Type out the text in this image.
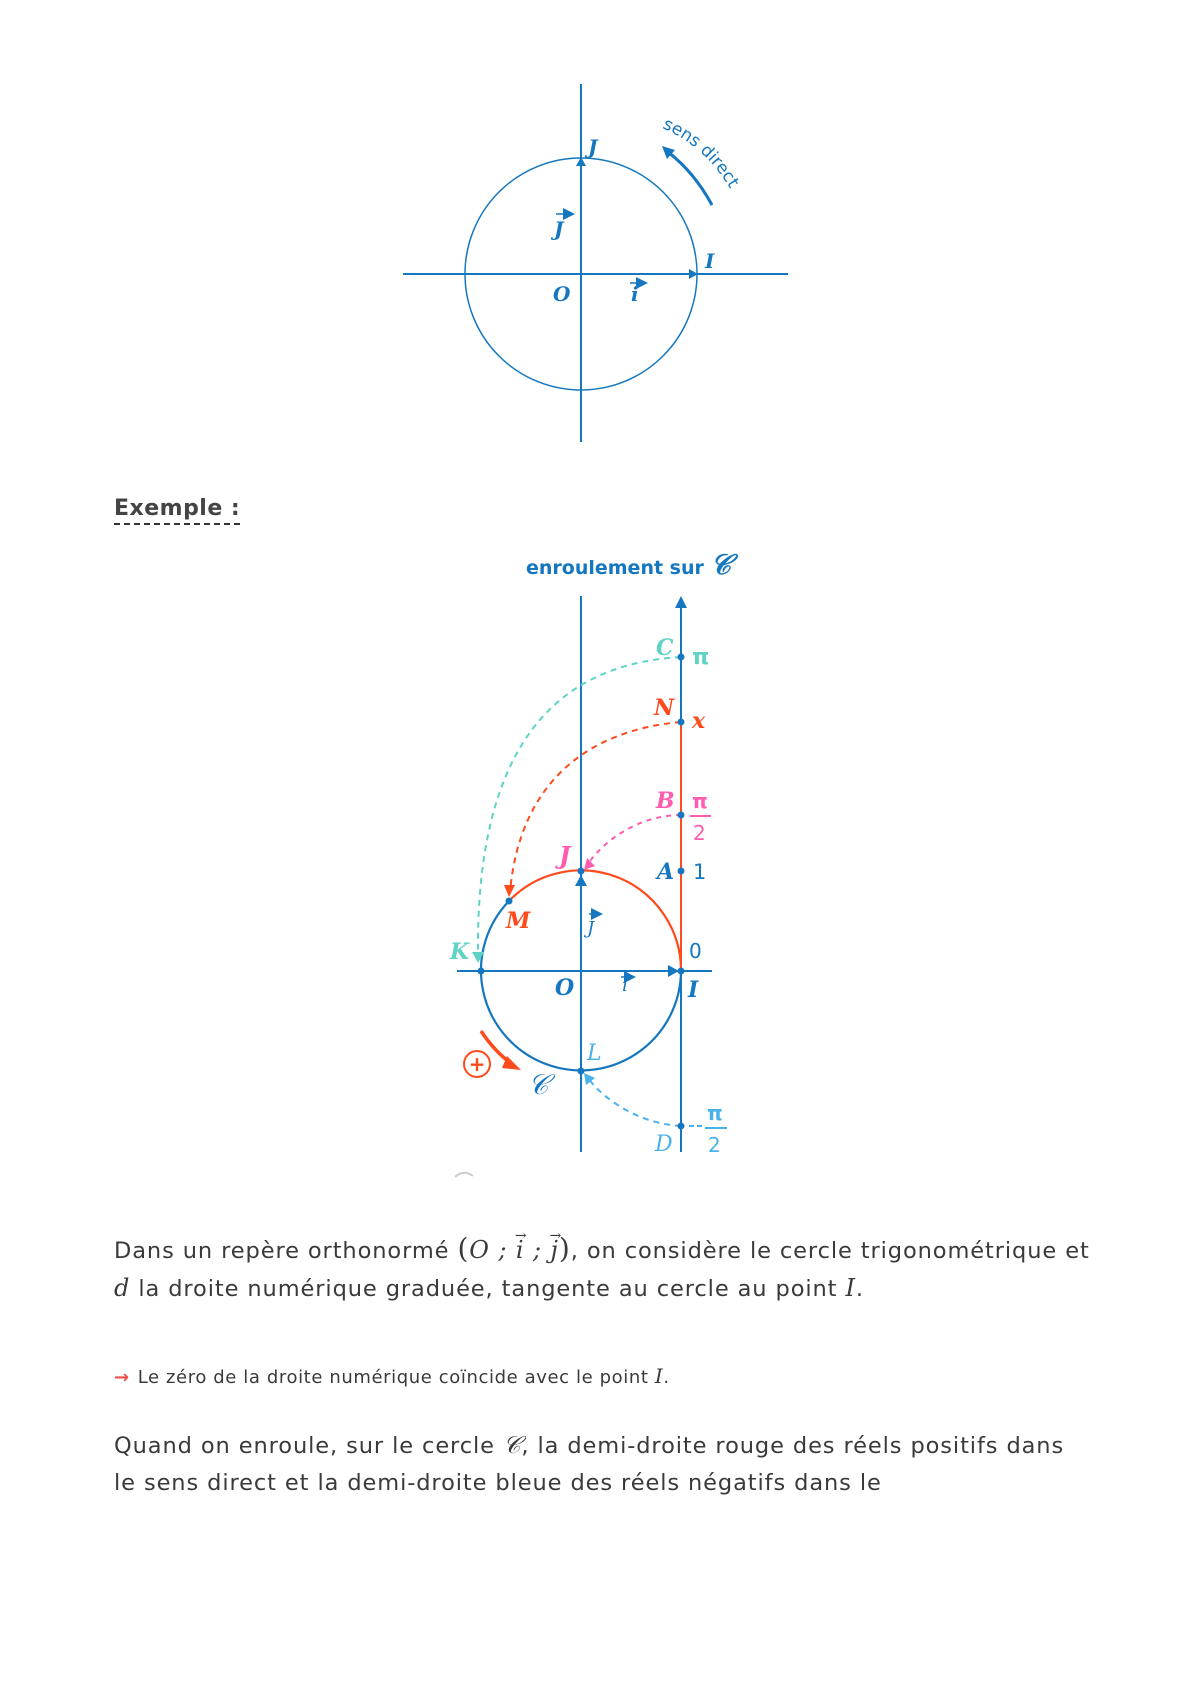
J
I
O	i
J
sens direct
Exemple :
enroulement sur 𝒞
C π
N x
B π
2
A 1
0
I
D
π
2
J
M
K
O
L
i
J
+
𝒞
Dans un repère orthonormé (O ; → i ; → j), on considère le cercle trigonométrique et d la droite numérique graduée, tangente au cercle au point I.
→ Le zéro de la droite numérique coïncide avec le point I.
Quand on enroule, sur le cercle 𝒞, la demi-droite rouge des réels positifs dans le sens direct et la demi-droite bleue des réels négatifs dans le
